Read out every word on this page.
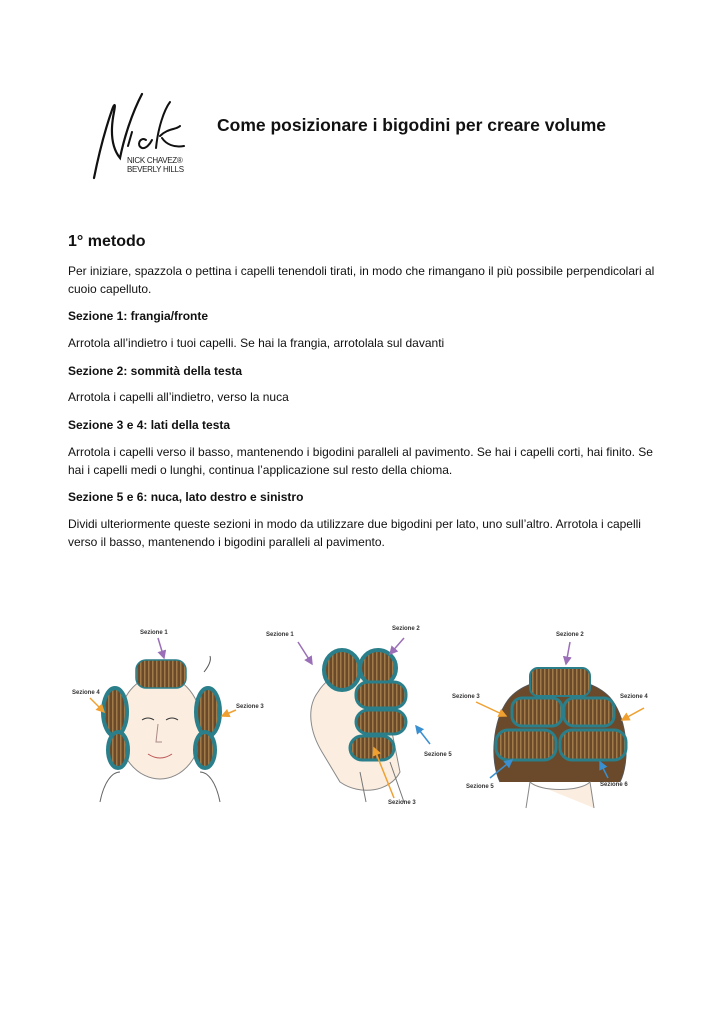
NICK CHAVEZ®
BEVERLY HILLS
Come posizionare i bigodini per creare volume
1° metodo
Per iniziare, spazzola o pettina i capelli tenendoli tirati, in modo che rimangano il più possibile perpendicolari al cuoio capelluto.
Sezione 1: frangia/fronte
Arrotola all’indietro i tuoi capelli. Se hai la frangia, arrotolala sul davanti
Sezione 2: sommità della testa
Arrotola i capelli all’indietro, verso la nuca
Sezione 3 e 4: lati della testa
Arrotola i capelli verso il basso, mantenendo i bigodini paralleli al pavimento. Se hai i capelli corti, hai finito. Se hai i capelli medi o lunghi, continua l’applicazione sul resto della chioma.
Sezione 5 e 6: nuca, lato destro e sinistro
Dividi ulteriormente queste sezioni in modo da utilizzare due bigodini per lato, uno sull’altro. Arrotola i capelli verso il basso, mantenendo i bigodini paralleli al pavimento.
Sezione 1
Sezione 4
Sezione 3
Sezione 1
Sezione 2
Sezione 5
Sezione 3
Sezione 2
Sezione 3	Sezione 4
Sezione 5	Sezione 6
